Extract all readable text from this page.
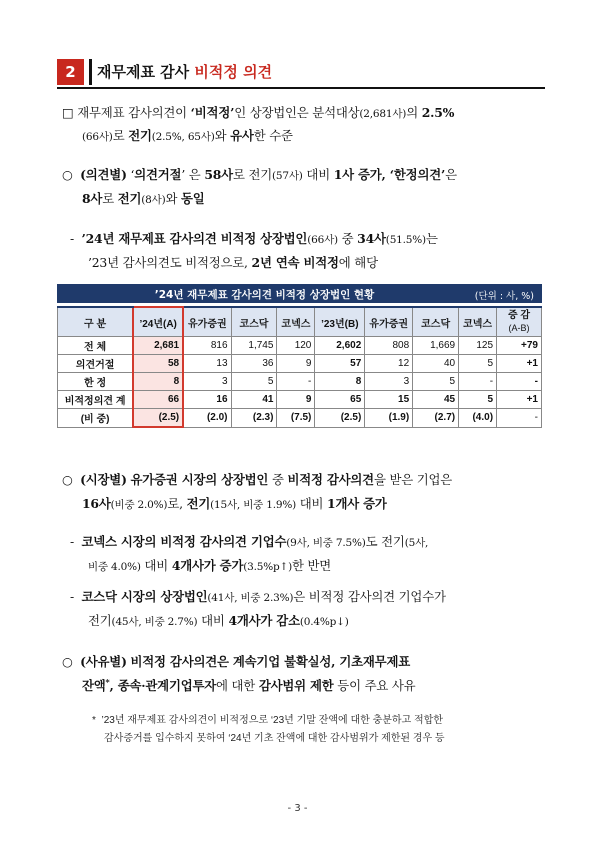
2	재무제표 감사 비적정 의견
□ 재무제표 감사의견이 ‘비적정’인 상장법인은 분석대상(2,681사)의 2.5%
(66사)로 전기(2.5%, 65사)와 유사한 수준
○ (의견별) ‘의견거절’ 은 58사로 전기(57사) 대비 1사 증가, ‘한정의견’은
8사로 전기(8사)와 동일
- ’24년 재무제표 감사의견 비적정 상장법인(66사) 중 34사(51.5%)는
’23년 감사의견도 비적정으로, 2년 연속 비적정에 해당
’24년 재무제표 감사의견 비적정 상장법인 현황	(단위 : 사, %)
구 분	’24년(A)	유가증권	코스닥	코넥스	’23년(B)	유가증권	코스닥	코넥스	증 감
(A-B)
전 체	2,681	816	1,745	120	2,602	808	1,669	125	+79
의견거절	58	13	36	9	57	12	40	5	+1
한 정	8	3	5	-	8	3	5	-	-
비적정의견 계	66	16	41	9	65	15	45	5	+1
(비 중)	(2.5)	(2.0)	(2.3)	(7.5)	(2.5)	(1.9)	(2.7)	(4.0)	-
○ (시장별) 유가증권 시장의 상장법인 중 비적정 감사의견을 받은 기업은
16사(비중 2.0%)로, 전기(15사, 비중 1.9%) 대비 1개사 증가
- 코넥스 시장의 비적정 감사의견 기업수(9사, 비중 7.5%)도 전기(5사,
비중 4.0%) 대비 4개사가 증가(3.5%p↑)한 반면
- 코스닥 시장의 상장법인(41사, 비중 2.3%)은 비적정 감사의견 기업수가
전기(45사, 비중 2.7%) 대비 4개사가 감소(0.4%p↓)
○ (사유별) 비적정 감사의견은 계속기업 불확실성, 기초재무제표
잔액*, 종속·관계기업투자에 대한 감사범위 제한 등이 주요 사유
* ’23년 재무제표 감사의견이 비적정으로 ‘23년 기말 잔액에 대한 충분하고 적합한
감사증거를 입수하지 못하여 ‘24년 기초 잔액에 대한 감사범위가 제한된 경우 등
- 3 -
